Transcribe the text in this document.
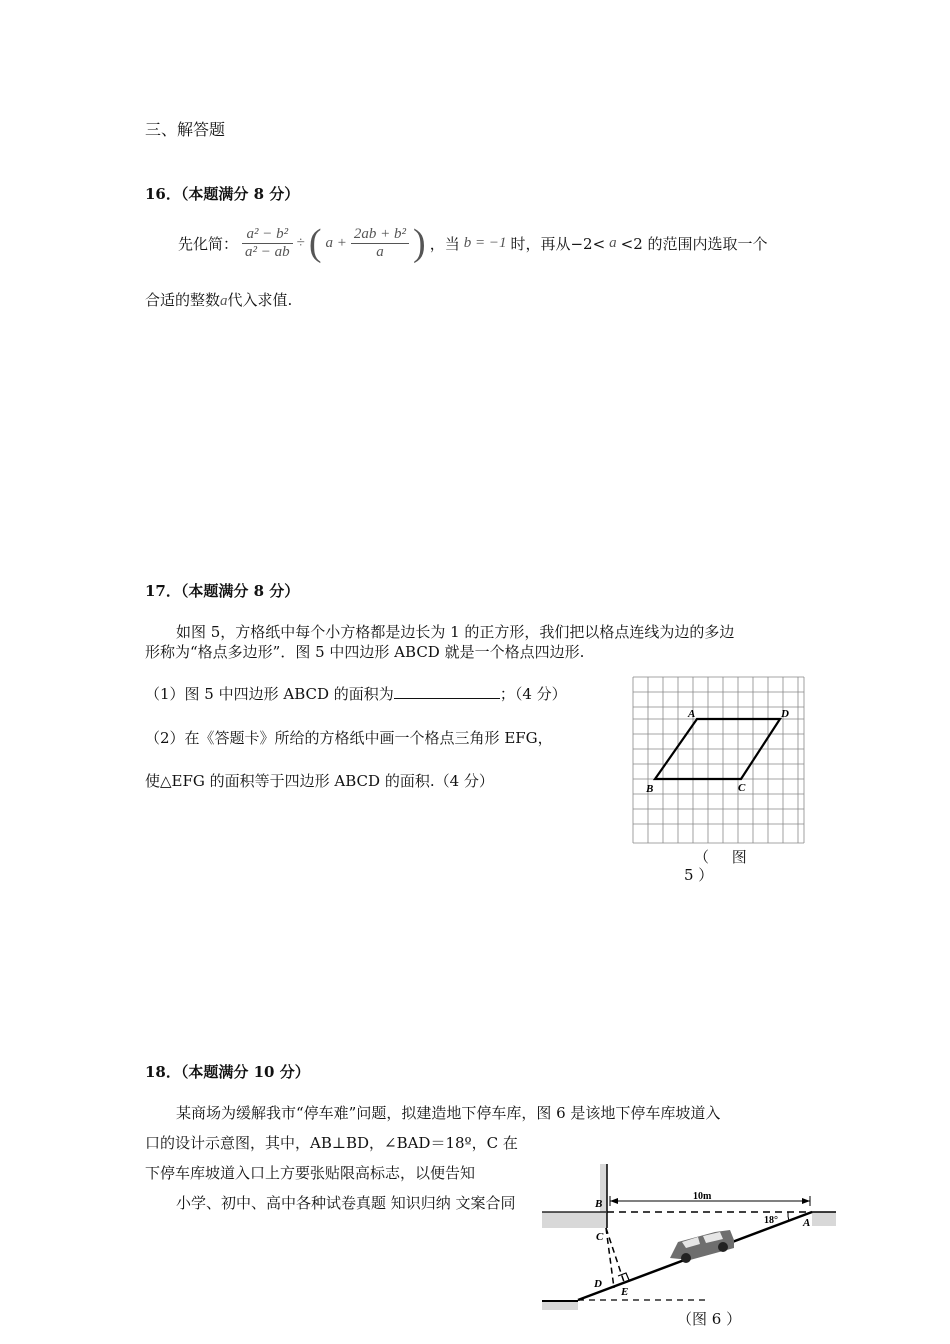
三、解答题
16．（本题满分 8 分）
先化简： $\frac{\text{a² − b²}}{\text{a² − ab}}$ ÷ ( $a + \frac{\text{2ab + b²}}{a}$ ) ，当 b = −1 时，再从−2< a <2 的范围内选取一个
合适的整数a代入求值.
17．（本题满分 8 分）
如图 5，方格纸中每个小方格都是边长为 1 的正方形，我们把以格点连线为边的多边
形称为“格点多边形”．图 5 中四边形 ABCD 就是一个格点四边形.
（1）图 5 中四边形 ABCD 的面积为	；（4 分）
（2）在《答题卡》所给的方格纸中画一个格点三角形 EFG，
使△EFG 的面积等于四边形 ABCD 的面积.（4 分）
A	D
B	C
（ 图
5 ）
18．（本题满分 10 分）
某商场为缓解我市“停车难”问题，拟建造地下停车库，图 6 是该地下停车库坡道入
口的设计示意图，其中，AB⊥BD，∠BAD＝18º，C 在
下停车库坡道入口上方要张贴限高标志，以便告知
小学、初中、高中各种试卷真题 知识归纳 文案合同	10m
18°
B
A
C
D
E
（图 6 ）
